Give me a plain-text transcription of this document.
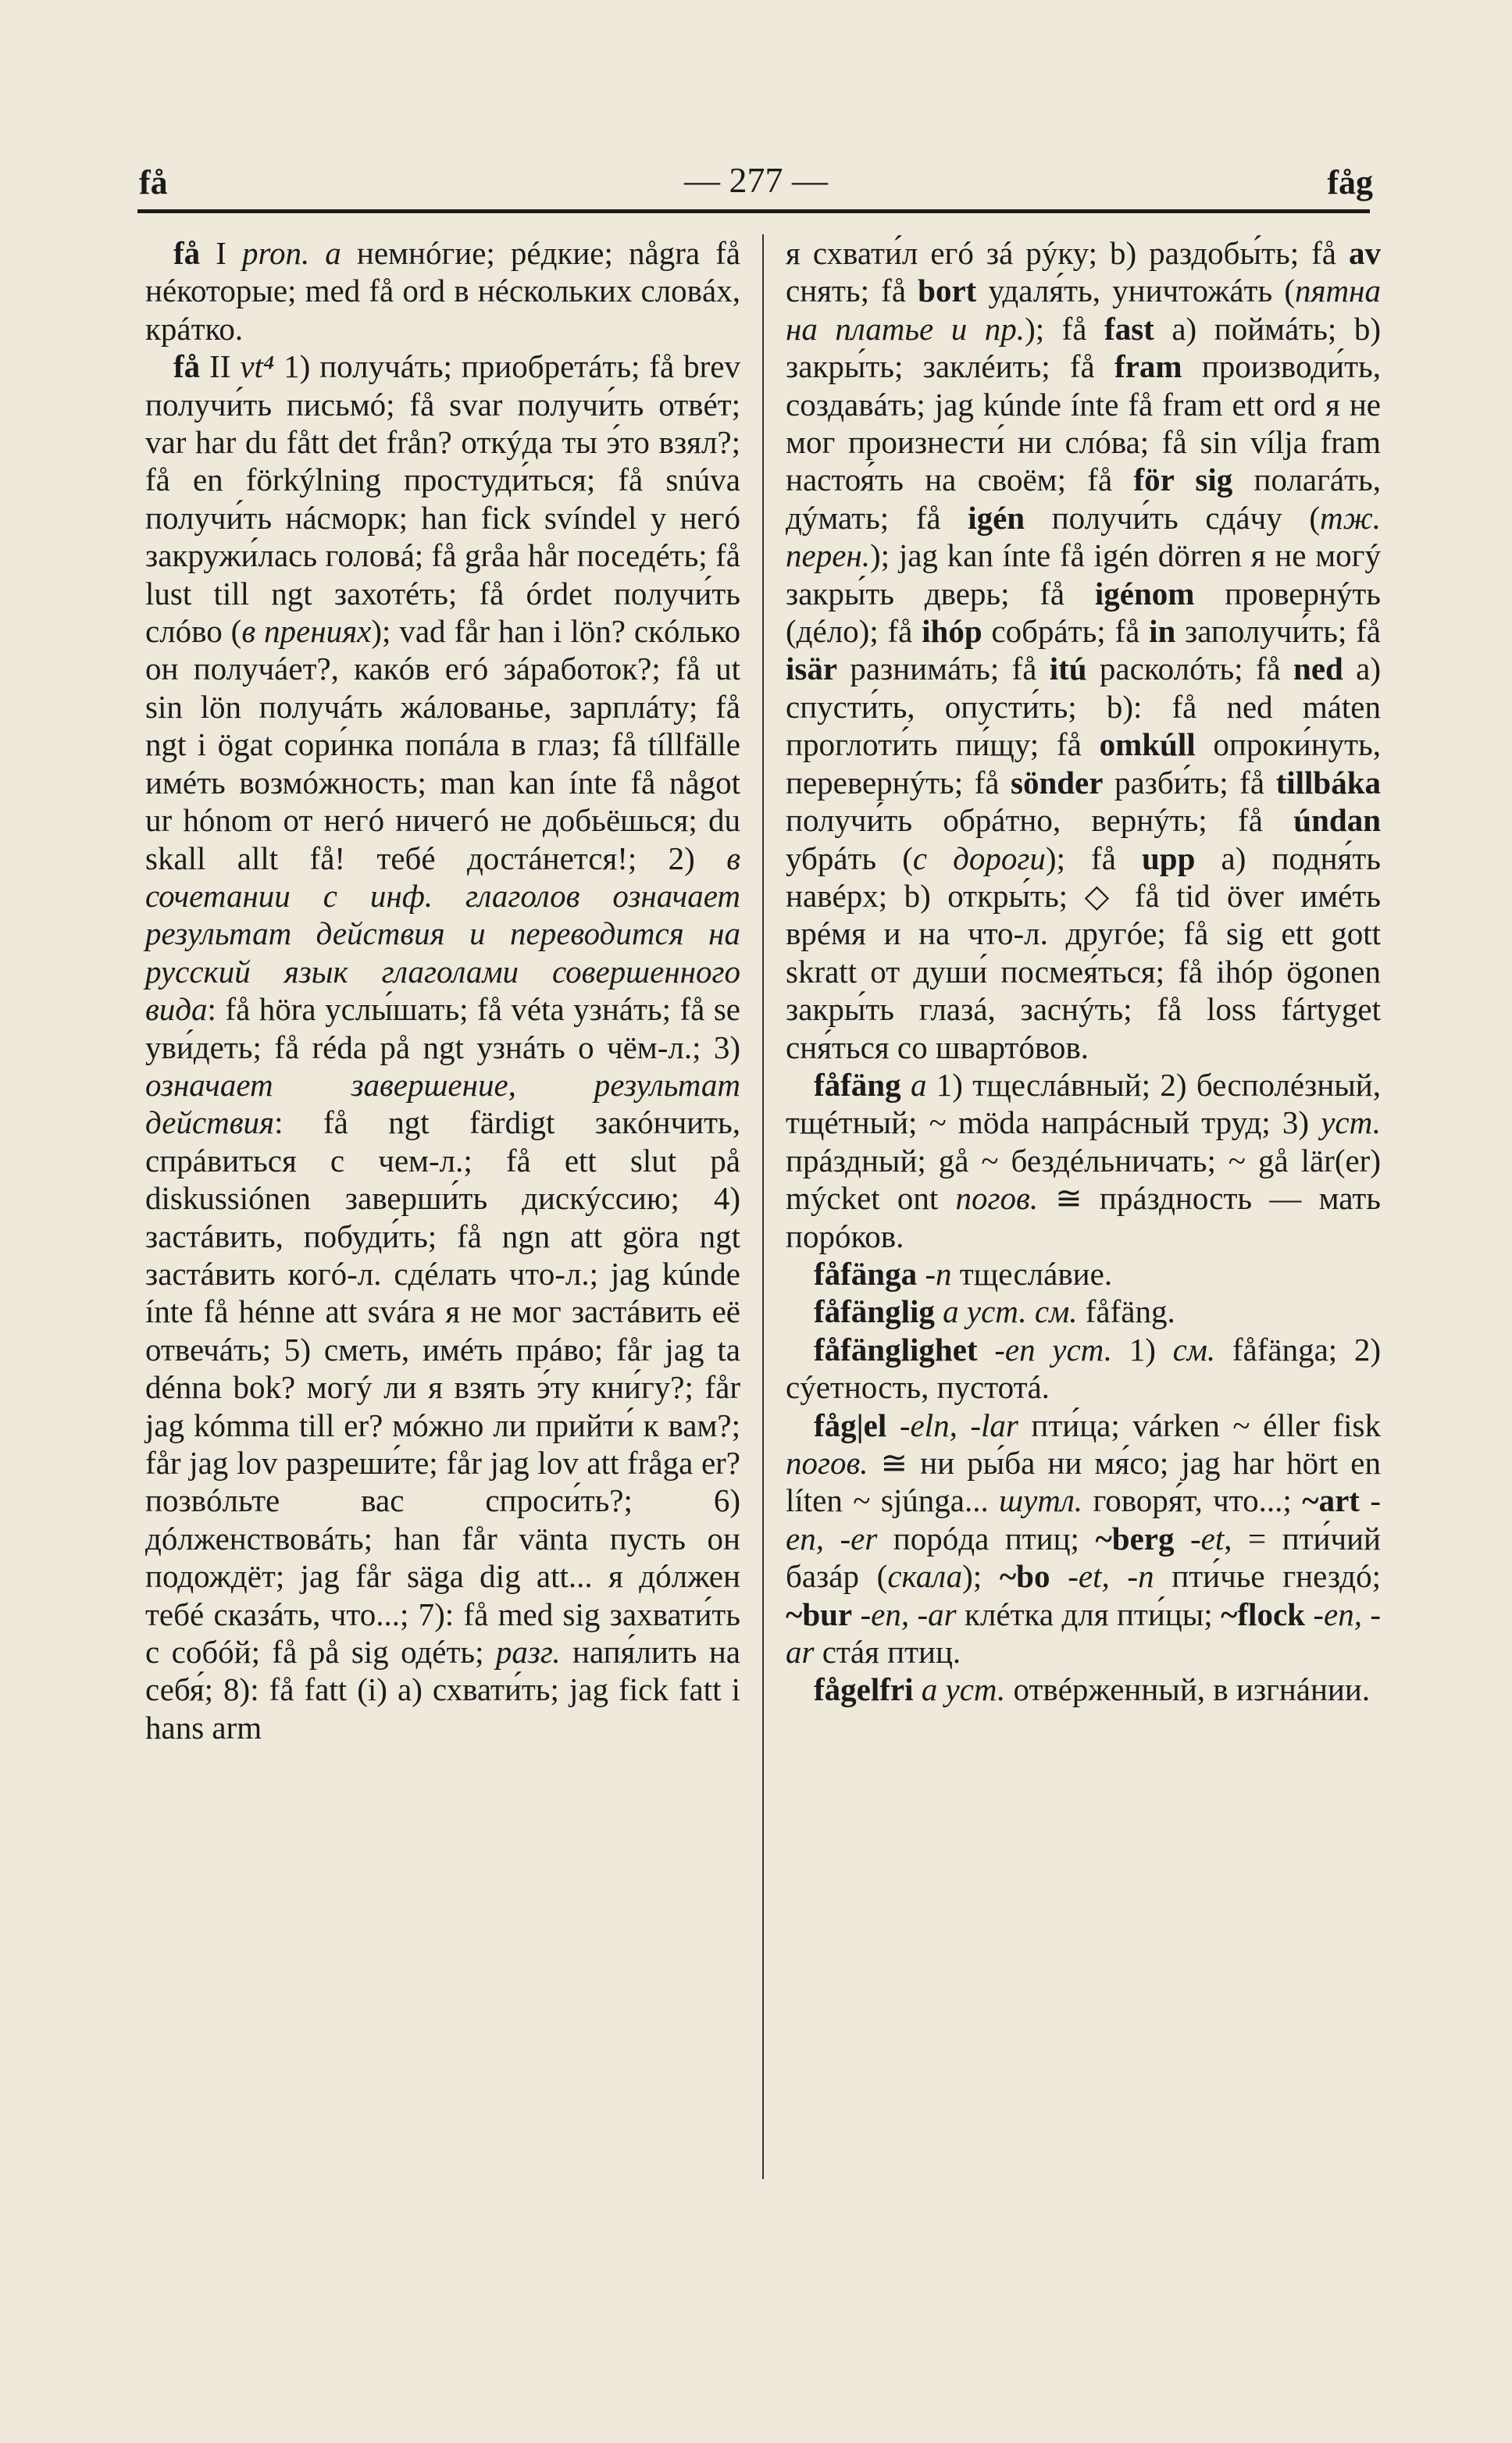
få	— 277 —	fåg

få I pron. a немнóгие; рéдкие; några få нéкоторые; med få ord в нéскольких словáх, крáтко.

få II vt⁴ 1) получáть; приобретáть; få brev получи́ть письмó; få svar получи́ть отвéт; var har du fått det från? откýда ты э́то взял?; få en förkýlning простуди́ться; få snúva получи́ть нáсморк; han fick svíndel у негó закружи́лась головá; få gråa hår поседéть; få lust till ngt захотéть; få órdet получи́ть слóво (в прениях); vad får han i lön? скóлько он получáет?, какóв егó зáработок?; få ut sin lön получáть жáлованье, зарплáту; få ngt i ögat сори́нка попáла в глаз; få tíllfälle имéть возмóжность; man kan ínte få något ur hónom от негó ничегó не добьёшься; du skall allt få! тебé достáнется!; 2) в сочетании с инф. глаголов означает результат действия и переводится на русский язык глаголами совершенного вида: få höra услы́шать; få véta узнáть; få se уви́деть; få réda på ngt узнáть о чём-л.; 3) означает завершение, результат действия: få ngt färdigt закóнчить, спрáвиться с чем-л.; få ett slut på diskussiónen заверши́ть дискýссию; 4) застáвить, побуди́ть; få ngn att göra ngt застáвить когó-л. сдéлать что-л.; jag kúnde ínte få hénne att svára я не мог застáвить её отвечáть; 5) сметь, имéть прáво; får jag ta dénna bok? могý ли я взять э́ту кни́гу?; får jag kómma till er? мóжно ли прийти́ к вам?; får jag lov разреши́те; får jag lov att fråga er? позвóльте вас спроси́ть?; 6) дóлженствовáть; han får vänta пусть он подождёт; jag får säga dig att... я дóлжен тебé сказáть, что...; 7): få med sig захвати́ть с собóй; få på sig одéть; разг. напя́лить на себя́; 8): få fatt (i) а) схвати́ть; jag fick fatt i hans arm

я схвати́л егó зá рýку; b) раздобы́ть; få av снять; få bort удаля́ть, уничтожáть (пятна на платье и пр.); få fast а) поймáть; b) закры́ть; заклéить; få fram производи́ть, создавáть; jag kúnde ínte få fram ett ord я не мог произнести́ ни слóва; få sin vílja fram настоя́ть на своём; få för sig полагáть, дýмать; få igén получи́ть сдáчу (тж. перен.); jag kan ínte få igén dörren я не могý закры́ть дверь; få igénom провернýть (дéло); få ihóp собрáть; få in заполучи́ть; få isär разнимáть; få itú расколóть; få ned а) спусти́ть, опусти́ть; b): få ned máten проглоти́ть пи́щу; få omkúll опроки́нуть, перевернýть; få sönder разби́ть; få tillbáka получи́ть обрáтно, вернýть; få úndan убрáть (с дороги); få upp а) подня́ть навéрх; b) откры́ть; ◇ få tid över имéть врéмя и на что-л. другóе; få sig ett gott skratt от души́ посмея́ться; få ihóp ögonen закры́ть глазá, заснýть; få loss fártyget сня́ться со швартóвов.

fåfäng a 1) тщеслáвный; 2) бесполéзный, тщéтный; ~ möda напрáсный труд; 3) уст. прáздный; gå ~ бездéльничать; ~ gå lär(er) mýcket ont погов. ≅ прáздность — мать порóков.

fåfänga -n тщеслáвие.

fåfänglig a уст. см. fåfäng.

fåfänglighet -en уст. 1) см. fåfänga; 2) сýетность, пустотá.

fåg|el -eln, -lar пти́ца; várken ~ éller fisk погов. ≅ ни ры́ба ни мя́со; jag har hört en líten ~ sjúnga... шутл. говоря́т, что...; ~art -en, -er порóда птиц; ~berg -et, = пти́чий базáр (скала); ~bo -et, -n пти́чье гнездó; ~bur -en, -ar клéтка для пти́цы; ~flock -en, -ar стáя птиц.

fågelfri a уст. отвéрженный, в изгнáнии.
